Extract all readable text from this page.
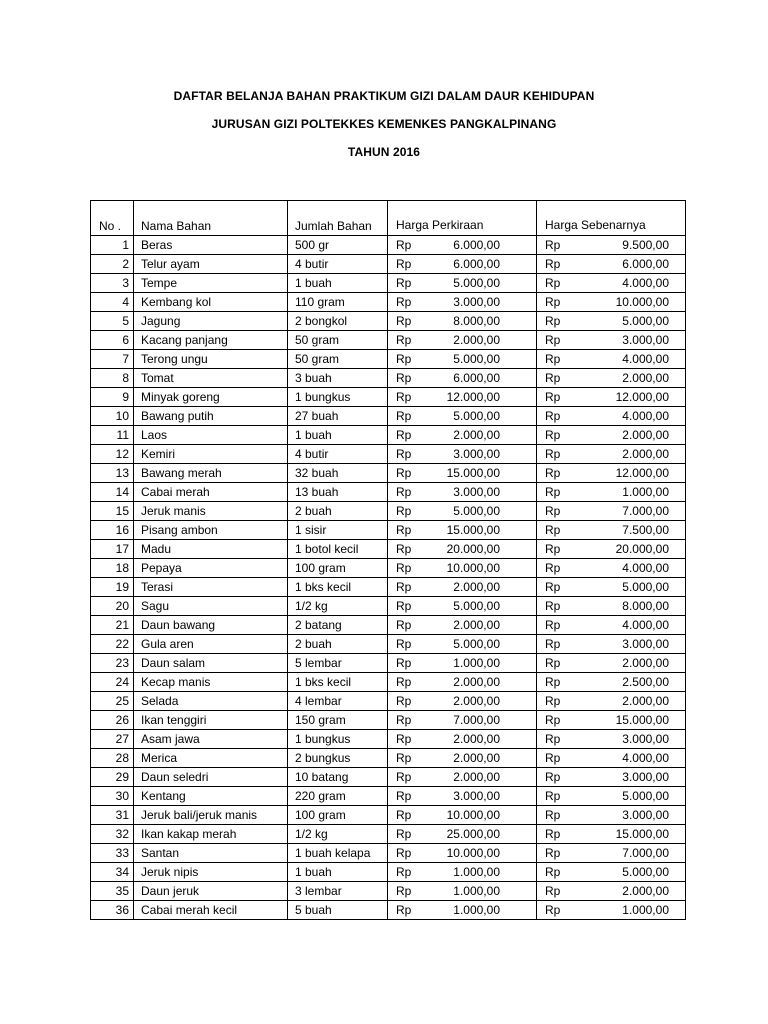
DAFTAR BELANJA BAHAN PRAKTIKUM GIZI DALAM DAUR KEHIDUPAN
JURUSAN GIZI POLTEKKES KEMENKES PANGKALPINANG
TAHUN 2016
No .	Nama Bahan	Jumlah Bahan	Harga Perkiraan	Harga Sebenarnya

1	Beras	500 gr	Rp 6.000,00	Rp 9.500,00

2	Telur ayam	4 butir	Rp 6.000,00	Rp 6.000,00

3	Tempe	1 buah	Rp 5.000,00	Rp 4.000,00

4	Kembang kol	110 gram	Rp 3.000,00	Rp 10.000,00

5	Jagung	2 bongkol	Rp 8.000,00	Rp 5.000,00

6	Kacang panjang	50 gram	Rp 2.000,00	Rp 3.000,00

7	Terong ungu	50 gram	Rp 5.000,00	Rp 4.000,00

8	Tomat	3 buah	Rp 6.000,00	Rp 2.000,00

9	Minyak goreng	1 bungkus	Rp 12.000,00	Rp 12.000,00

10	Bawang putih	27 buah	Rp 5.000,00	Rp 4.000,00

11	Laos	1 buah	Rp 2.000,00	Rp 2.000,00

12	Kemiri	4 butir	Rp 3.000,00	Rp 2.000,00

13	Bawang merah	32 buah	Rp 15.000,00	Rp 12.000,00

14	Cabai merah	13 buah	Rp 3.000,00	Rp 1.000,00

15	Jeruk manis	2 buah	Rp 5.000,00	Rp 7.000,00

16	Pisang ambon	1 sisir	Rp 15.000,00	Rp 7.500,00

17	Madu	1 botol kecil	Rp 20.000,00	Rp 20.000,00

18	Pepaya	100 gram	Rp 10.000,00	Rp 4.000,00

19	Terasi	1 bks kecil	Rp 2.000,00	Rp 5.000,00

20	Sagu	1/2 kg	Rp 5.000,00	Rp 8.000,00

21	Daun bawang	2 batang	Rp 2.000,00	Rp 4.000,00

22	Gula aren	2 buah	Rp 5.000,00	Rp 3.000,00

23	Daun salam	5 lembar	Rp 1.000,00	Rp 2.000,00

24	Kecap manis	1 bks kecil	Rp 2.000,00	Rp 2.500,00

25	Selada	4 lembar	Rp 2.000,00	Rp 2.000,00

26	Ikan tenggiri	150 gram	Rp 7.000,00	Rp 15.000,00

27	Asam jawa	1 bungkus	Rp 2.000,00	Rp 3.000,00

28	Merica	2 bungkus	Rp 2.000,00	Rp 4.000,00

29	Daun seledri	10 batang	Rp 2.000,00	Rp 3.000,00

30	Kentang	220 gram	Rp 3.000,00	Rp 5.000,00

31	Jeruk bali/jeruk manis	100 gram	Rp 10.000,00	Rp 3.000,00

32	Ikan kakap merah	1/2 kg	Rp 25.000,00	Rp 15.000,00

33	Santan	1 buah kelapa	Rp 10.000,00	Rp 7.000,00

34	Jeruk nipis	1 buah	Rp 1.000,00	Rp 5.000,00

35	Daun jeruk	3 lembar	Rp 1.000,00	Rp 2.000,00

36	Cabai merah kecil	5 buah	Rp 1.000,00	Rp 1.000,00
